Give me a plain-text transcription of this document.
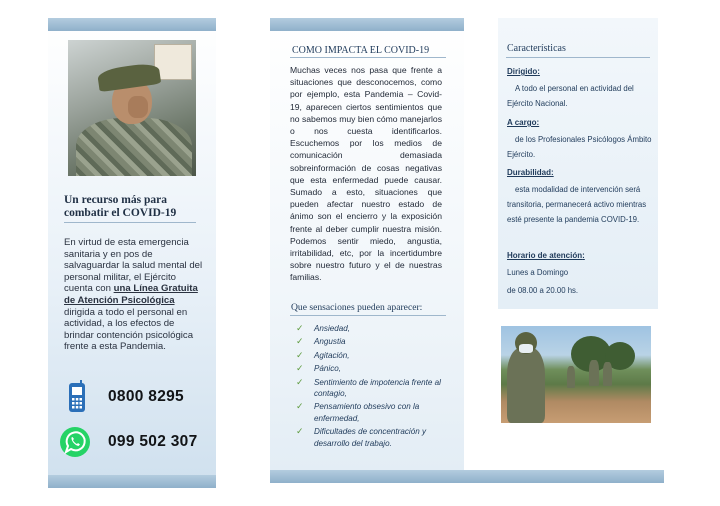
Un recurso más para combatir el COVID-19
En virtud de esta emergencia sanitaria y en pos de salvaguardar la salud mental del personal militar, el Ejército cuenta con una Línea Gratuita de Atención Psicológica dirigida a todo el personal en actividad, a los efectos de brindar contención psicológica frente a esta Pandemia.
0800 8295
099 502 307
COMO IMPACTA EL COVID-19
Muchas veces nos pasa que frente a situaciones que desconocemos, como por ejemplo, esta Pandemia – Covid-19, aparecen ciertos sentimientos que no sabemos muy bien cómo manejarlos o nos cuesta identificarlos. Escuchemos por los medios de comunicación demasiada sobreinformación de cosas negativas que esta enfermedad puede causar. Sumado a esto, situaciones que pueden afectar nuestro estado de ánimo son el encierro y la exposición frente al deber cumplir nuestra misión. Podemos sentir miedo, angustia, irritabilidad, etc, por la incertidumbre sobre nuestro futuro y el de nuestras familias.
Que sensaciones pueden aparecer:
✓ Ansiedad,
✓ Angustia
✓ Agitación,
✓ Pánico,
✓ Sentimiento de impotencia frente al contagio,
✓ Pensamiento obsesivo con la enfermedad,
✓ Dificultades de concentración y desarrollo del trabajo.
Características
Dirigido:
A todo el personal en actividad del Ejército Nacional.
A cargo:
de los Profesionales Psicólogos Ámbito Ejército.
Durabilidad:
esta modalidad de intervención será transitoria, permanecerá activo mientras esté presente la pandemia COVID-19.
Horario de atención:
Lunes a Domingo
de 08.00 a 20.00 hs.
